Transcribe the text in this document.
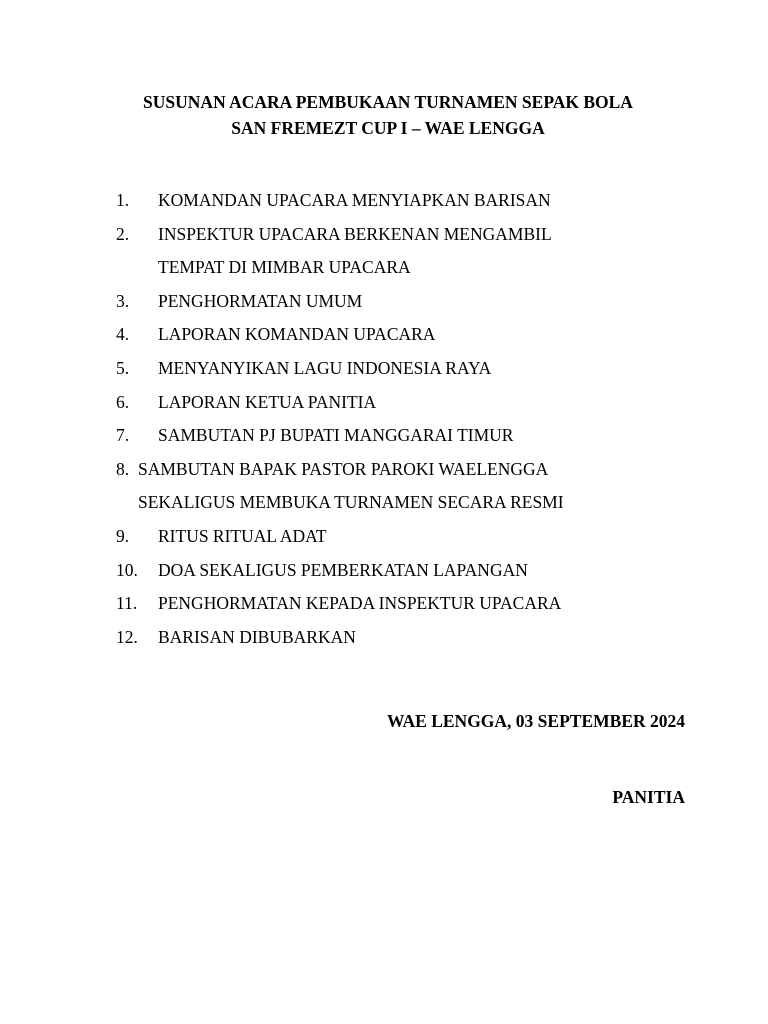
SUSUNAN ACARA PEMBUKAAN TURNAMEN SEPAK BOLA
SAN FREMEZT CUP I – WAE LENGGA
1. KOMANDAN UPACARA MENYIAPKAN BARISAN
2. INSPEKTUR UPACARA BERKENAN MENGAMBIL
TEMPAT DI MIMBAR UPACARA
3. PENGHORMATAN UMUM
4. LAPORAN KOMANDAN UPACARA
5. MENYANYIKAN LAGU INDONESIA RAYA
6. LAPORAN KETUA PANITIA
7. SAMBUTAN PJ BUPATI MANGGARAI TIMUR
8. SAMBUTAN BAPAK PASTOR PAROKI WAELENGGA
SEKALIGUS MEMBUKA TURNAMEN SECARA RESMI
9. RITUS RITUAL ADAT
10. DOA SEKALIGUS PEMBERKATAN LAPANGAN
11. PENGHORMATAN KEPADA INSPEKTUR UPACARA
12. BARISAN DIBUBARKAN
WAE LENGGA, 03 SEPTEMBER 2024
PANITIA
